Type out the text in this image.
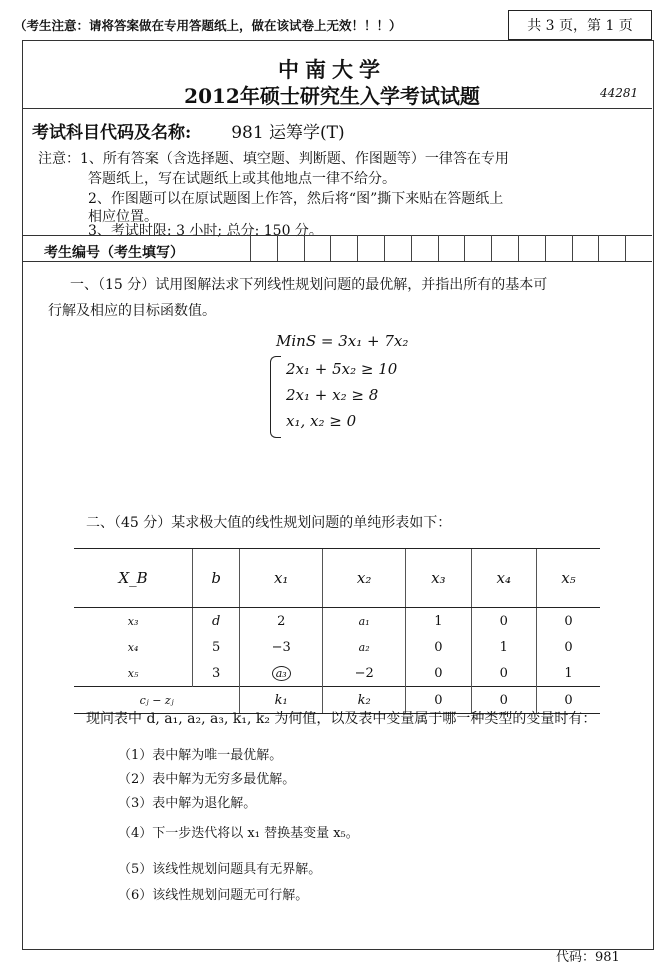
（考生注意：请将答案做在专用答题纸上，做在该试卷上无效！！！）	共 3 页，第 1 页
中南大学
2012年硕士研究生入学考试试题	44281
考试科目代码及名称: 981 运筹学(T)
注意：1、所有答案（含选择题、填空题、判断题、作图题等）一律答在专用
答题纸上，写在试题纸上或其他地点一律不给分。
2、作图题可以在原试题图上作答，然后将“图”撕下来贴在答题纸上
相应位置。
3、考试时限: 3 小时; 总分: 150 分。
考生编号（考生填写）
一、（15 分）试用图解法求下列线性规划问题的最优解，并指出所有的基本可
行解及相应的目标函数值。
MinS = 3x₁ + 7x₂
2x₁ + 5x₂ ≥ 10
2x₁ + x₂ ≥ 8
x₁, x₂ ≥ 0
二、（45 分）某求极大值的线性规划问题的单纯形表如下：
X_B	b	x₁	x₂	x₃	x₄	x₅
x₃	d	2	a₁	1	0	0
x₄	5	−3	a₂	0	1	0
x₅	3	a₃	−2	0	0	1
cⱼ − zⱼ		k₁	k₂	0	0	0
现问表中 d, a₁, a₂, a₃, k₁, k₂ 为何值，以及表中变量属于哪一种类型的变量时有：
（1）表中解为唯一最优解。
（2）表中解为无穷多最优解。
（3）表中解为退化解。
（4）下一步迭代将以 x₁ 替换基变量 x₅。
（5）该线性规划问题具有无界解。
（6）该线性规划问题无可行解。
代码：981
